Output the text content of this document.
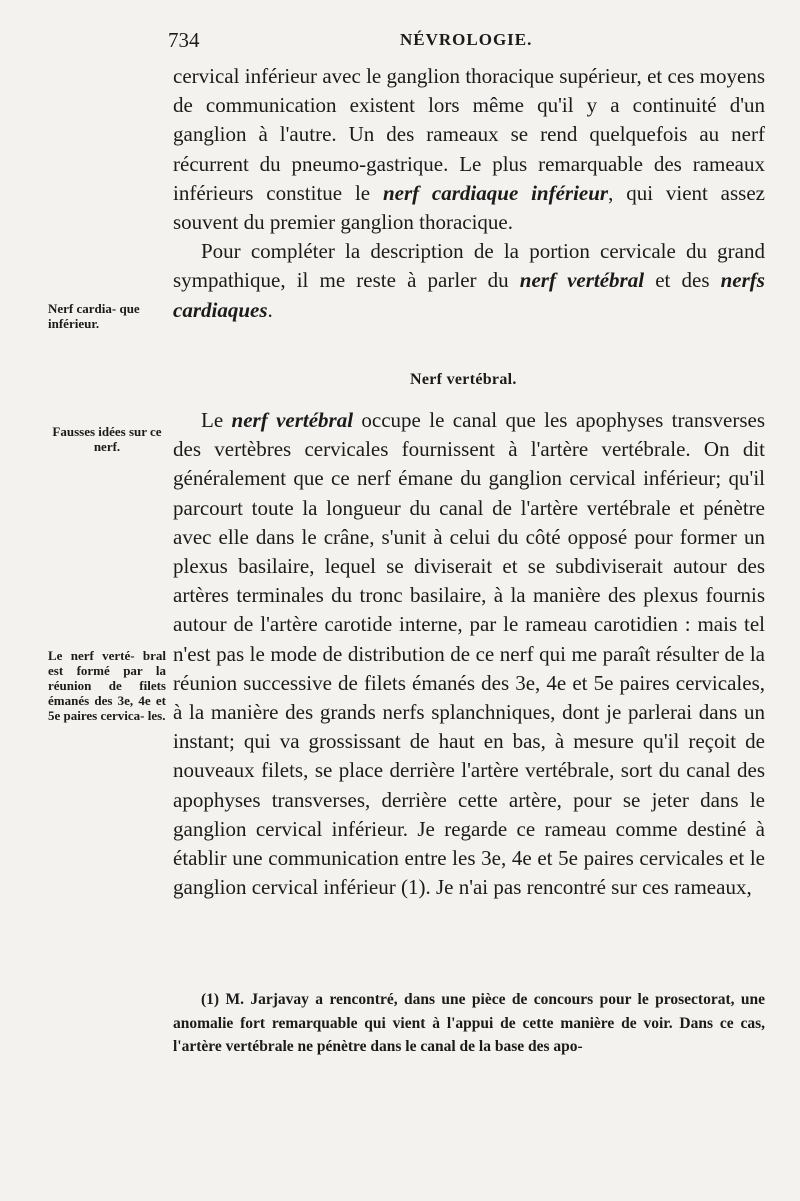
734	NÉVROLOGIE.
Nerf cardia- que inférieur.
Fausses idées sur ce nerf.
Le nerf verté- bral est formé par la réunion de filets émanés des 3e, 4e et 5e paires cervica- les.

cervical inférieur avec le ganglion thoracique supérieur, et ces moyens de communication existent lors même qu'il y a continuité d'un ganglion à l'autre. Un des rameaux se rend quelquefois au nerf récurrent du pneumo-gastrique. Le plus remarquable des rameaux inférieurs constitue le nerf cardiaque inférieur, qui vient assez souvent du premier ganglion thoracique.

Pour compléter la description de la portion cervicale du grand sympathique, il me reste à parler du nerf vertébral et des nerfs cardiaques.

Nerf vertébral.

Le nerf vertébral occupe le canal que les apophyses transverses des vertèbres cervicales fournissent à l'artère vertébrale. On dit généralement que ce nerf émane du ganglion cervical inférieur; qu'il parcourt toute la longueur du canal de l'artère vertébrale et pénètre avec elle dans le crâne, s'unit à celui du côté opposé pour former un plexus basilaire, lequel se diviserait et se subdiviserait autour des artères terminales du tronc basilaire, à la manière des plexus fournis autour de l'artère carotide interne, par le rameau carotidien : mais tel n'est pas le mode de distribution de ce nerf qui me paraît résulter de la réunion successive de filets émanés des 3e, 4e et 5e paires cervicales, à la manière des grands nerfs splanchniques, dont je parlerai dans un instant; qui va grossissant de haut en bas, à mesure qu'il reçoit de nouveaux filets, se place derrière l'artère vertébrale, sort du canal des apophyses transverses, derrière cette artère, pour se jeter dans le ganglion cervical inférieur. Je regarde ce rameau comme destiné à établir une communication entre les 3e, 4e et 5e paires cervicales et le ganglion cervical inférieur (1). Je n'ai pas rencontré sur ces rameaux,

(1) M. Jarjavay a rencontré, dans une pièce de concours pour le prosectorat, une anomalie fort remarquable qui vient à l'appui de cette manière de voir. Dans ce cas, l'artère vertébrale ne pénètre dans le canal de la base des apo-
